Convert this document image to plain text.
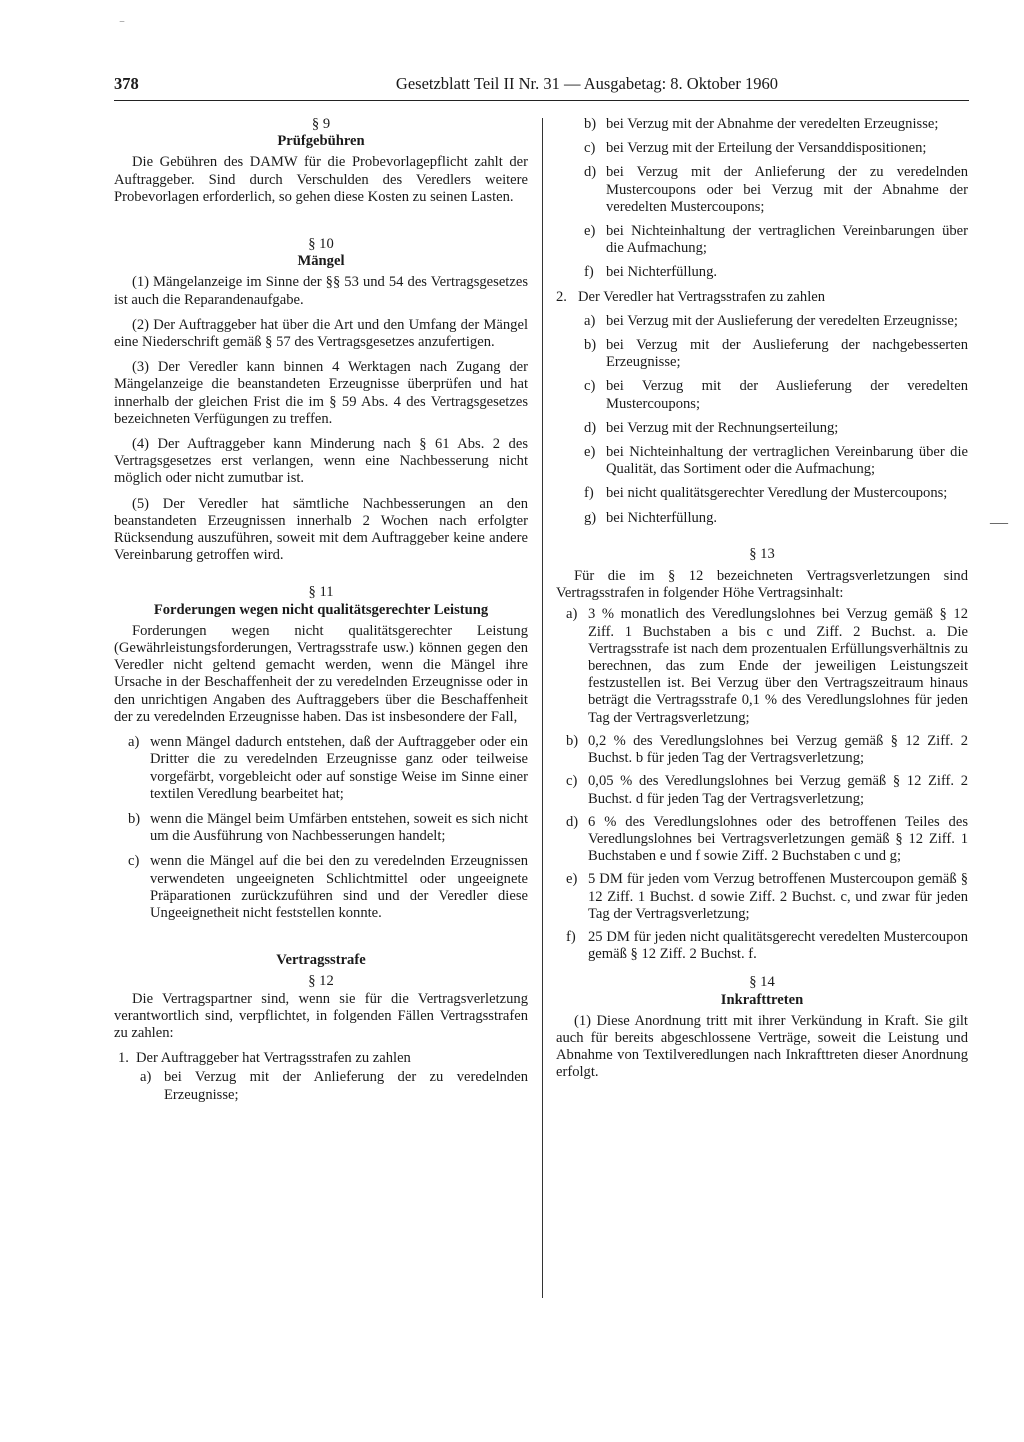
378	Gesetzblatt Teil II Nr. 31 — Ausgabetag: 8. Oktober 1960
§ 9
Prüfgebühren

Die Gebühren des DAMW für die Probevorlagepflicht zahlt der Auftraggeber. Sind durch Verschulden des Veredlers weitere Probevorlagen erforderlich, so gehen diese Kosten zu seinen Lasten.

§ 10
Mängel

(1) Mängelanzeige im Sinne der §§ 53 und 54 des Vertragsgesetzes ist auch die Reparandenaufgabe.

(2) Der Auftraggeber hat über die Art und den Umfang der Mängel eine Niederschrift gemäß § 57 des Vertragsgesetzes anzufertigen.

(3) Der Veredler kann binnen 4 Werktagen nach Zugang der Mängelanzeige die beanstandeten Erzeugnisse überprüfen und hat innerhalb der gleichen Frist die im § 59 Abs. 4 des Vertragsgesetzes bezeichneten Verfügungen zu treffen.

(4) Der Auftraggeber kann Minderung nach § 61 Abs. 2 des Vertragsgesetzes erst verlangen, wenn eine Nachbesserung nicht möglich oder nicht zumutbar ist.

(5) Der Veredler hat sämtliche Nachbesserungen an den beanstandeten Erzeugnissen innerhalb 2 Wochen nach erfolgter Rücksendung auszuführen, soweit mit dem Auftraggeber keine andere Vereinbarung getroffen wird.

§ 11
Forderungen wegen nicht qualitätsgerechter Leistung

Forderungen wegen nicht qualitätsgerechter Leistung (Gewährleistungsforderungen, Vertragsstrafe usw.) können gegen den Veredler nicht geltend gemacht werden, wenn die Mängel ihre Ursache in der Beschaffenheit der zu veredelnden Erzeugnisse oder in den unrichtigen Angaben des Auftraggebers über die Beschaffenheit der zu veredelnden Erzeugnisse haben. Das ist insbesondere der Fall,

a) wenn Mängel dadurch entstehen, daß der Auftraggeber oder ein Dritter die zu veredelnden Erzeugnisse ganz oder teilweise vorgefärbt, vorgebleicht oder auf sonstige Weise im Sinne einer textilen Veredlung bearbeitet hat;
b) wenn die Mängel beim Umfärben entstehen, soweit es sich nicht um die Ausführung von Nachbesserungen handelt;
c) wenn die Mängel auf die bei den zu veredelnden Erzeugnissen verwendeten ungeeigneten Schlichtmittel oder ungeeignete Präparationen zurückzuführen sind und der Veredler diese Ungeeignetheit nicht feststellen konnte.
Vertragsstrafe
§ 12

Die Vertragspartner sind, wenn sie für die Vertragsverletzung verantwortlich sind, verpflichtet, in folgenden Fällen Vertragsstrafen zu zahlen:

1. Der Auftraggeber hat Vertragsstrafen zu zahlen
a) bei Verzug mit der Anlieferung der zu veredelnden Erzeugnisse;
b) bei Verzug mit der Abnahme der veredelten Erzeugnisse;
c) bei Verzug mit der Erteilung der Versanddispositionen;
d) bei Verzug mit der Anlieferung der zu veredelnden Mustercoupons oder bei Verzug mit der Abnahme der veredelten Mustercoupons;
e) bei Nichteinhaltung der vertraglichen Vereinbarungen über die Aufmachung;
f) bei Nichterfüllung.
2. Der Veredler hat Vertragsstrafen zu zahlen
a) bei Verzug mit der Auslieferung der veredelten Erzeugnisse;
b) bei Verzug mit der Auslieferung der nachgebesserten Erzeugnisse;
c) bei Verzug mit der Auslieferung der veredelten Mustercoupons;
d) bei Verzug mit der Rechnungserteilung;
e) bei Nichteinhaltung der vertraglichen Vereinbarung über die Qualität, das Sortiment oder die Aufmachung;
f) bei nicht qualitätsgerechter Veredlung der Mustercoupons;
g) bei Nichterfüllung.
§ 13

Für die im § 12 bezeichneten Vertragsverletzungen sind Vertragsstrafen in folgender Höhe Vertragsinhalt:

a) 3 % monatlich des Veredlungslohnes bei Verzug gemäß § 12 Ziff. 1 Buchstaben a bis c und Ziff. 2 Buchst. a. Die Vertragsstrafe ist nach dem prozentualen Erfüllungsverhältnis zu berechnen, das zum Ende der jeweiligen Leistungszeit festzustellen ist. Bei Verzug über den Vertragszeitraum hinaus beträgt die Vertragsstrafe 0,1 % des Veredlungslohnes für jeden Tag der Vertragsverletzung;
b) 0,2 % des Veredlungslohnes bei Verzug gemäß § 12 Ziff. 2 Buchst. b für jeden Tag der Vertragsverletzung;
c) 0,05 % des Veredlungslohnes bei Verzug gemäß § 12 Ziff. 2 Buchst. d für jeden Tag der Vertragsverletzung;
d) 6 % des Veredlungslohnes oder des betroffenen Teiles des Veredlungslohnes bei Vertragsverletzungen gemäß § 12 Ziff. 1 Buchstaben e und f sowie Ziff. 2 Buchstaben c und g;
e) 5 DM für jeden vom Verzug betroffenen Mustercoupon gemäß § 12 Ziff. 1 Buchst. d sowie Ziff. 2 Buchst. c, und zwar für jeden Tag der Vertragsverletzung;
f) 25 DM für jeden nicht qualitätsgerecht veredelten Mustercoupon gemäß § 12 Ziff. 2 Buchst. f.
§ 14
Inkrafttreten

(1) Diese Anordnung tritt mit ihrer Verkündung in Kraft. Sie gilt auch für bereits abgeschlossene Verträge, soweit die Leistung und Abnahme von Textilveredlungen nach Inkrafttreten dieser Anordnung erfolgt.

‾
—
